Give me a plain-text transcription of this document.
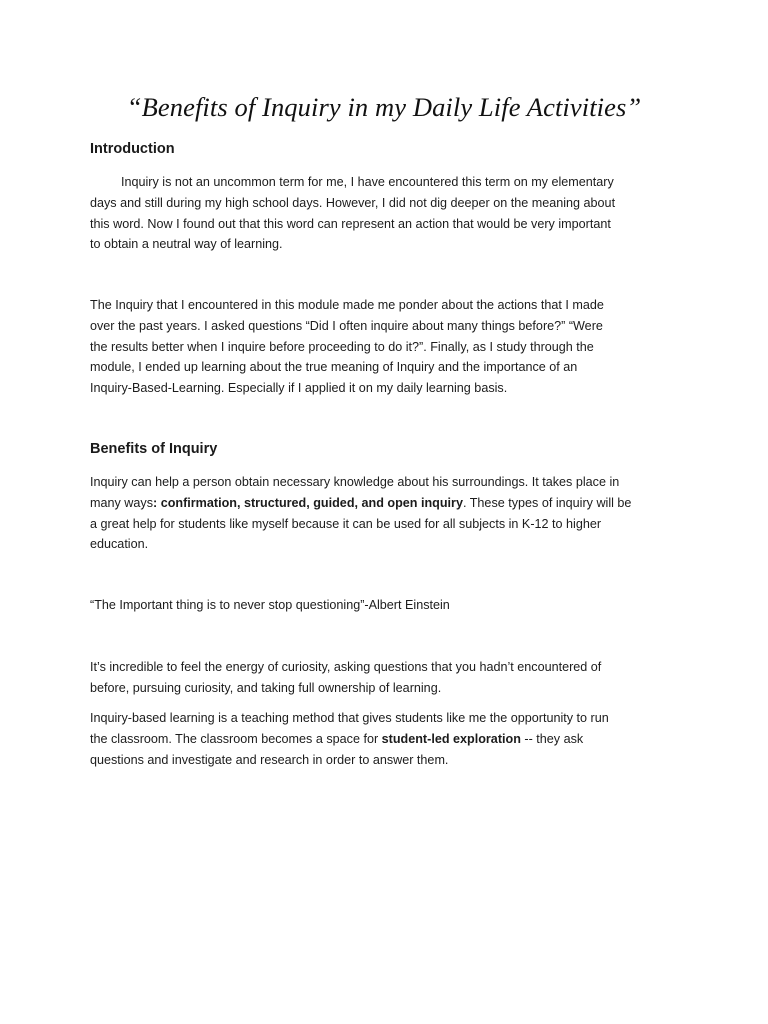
“Benefits of Inquiry in my Daily Life Activities”
Introduction
Inquiry is not an uncommon term for me, I have encountered this term on my elementary
days and still during my high school days. However, I did not dig deeper on the meaning about
this word. Now I found out that this word can represent an action that would be very important
to obtain a neutral way of learning.
The Inquiry that I encountered in this module made me ponder about the actions that I made
over the past years. I asked questions “Did I often inquire about many things before?” “Were
the results better when I inquire before proceeding to do it?”. Finally, as I study through the
module, I ended up learning about the true meaning of Inquiry and the importance of an
Inquiry-Based-Learning. Especially if I applied it on my daily learning basis.
Benefits of Inquiry
Inquiry can help a person obtain necessary knowledge about his surroundings. It takes place in
many ways: confirmation, structured, guided, and open inquiry. These types of inquiry will be
a great help for students like myself because it can be used for all subjects in K-12 to higher
education.
“The Important thing is to never stop questioning”-Albert Einstein
It’s incredible to feel the energy of curiosity, asking questions that you hadn’t encountered of
before, pursuing curiosity, and taking full ownership of learning.
Inquiry-based learning is a teaching method that gives students like me the opportunity to run
the classroom. The classroom becomes a space for student-led exploration -- they ask
questions and investigate and research in order to answer them.
